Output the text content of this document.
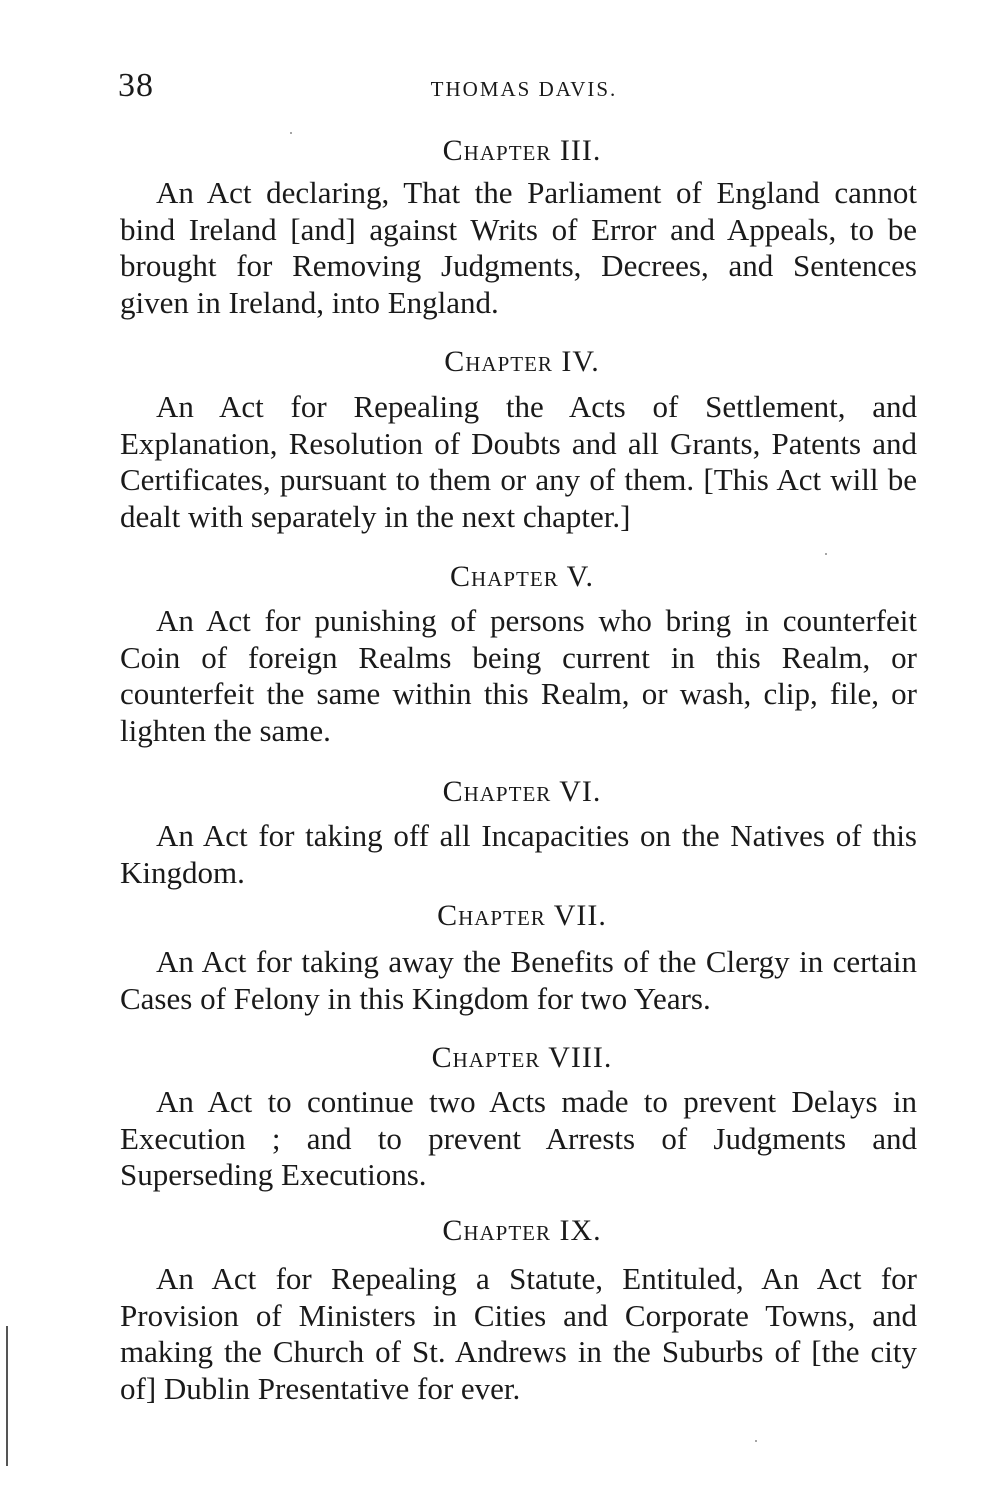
38	THOMAS DAVIS.
Chapter III.

An Act declaring, That the Parliament of England cannot bind Ireland [and] against Writs of Error and Appeals, to be brought for Removing Judgments, Decrees, and Sentences given in Ireland, into England.

Chapter IV.

An Act for Repealing the Acts of Settlement, and Explanation, Resolution of Doubts and all Grants, Patents and Certificates, pursuant to them or any of them. [This Act will be dealt with separately in the next chapter.]

Chapter V.

An Act for punishing of persons who bring in counterfeit Coin of foreign Realms being current in this Realm, or counterfeit the same within this Realm, or wash, clip, file, or lighten the same.

Chapter VI.

An Act for taking off all Incapacities on the Natives of this Kingdom.

Chapter VII.

An Act for taking away the Benefits of the Clergy in certain Cases of Felony in this Kingdom for two Years.

Chapter VIII.

An Act to continue two Acts made to prevent Delays in Execution ; and to prevent Arrests of Judgments and Superseding Executions.

Chapter IX.

An Act for Repealing a Statute, Entituled, An Act for Provision of Ministers in Cities and Corporate Towns, and making the Church of St. Andrews in the Suburbs of [the city of] Dublin Presentative for ever.
